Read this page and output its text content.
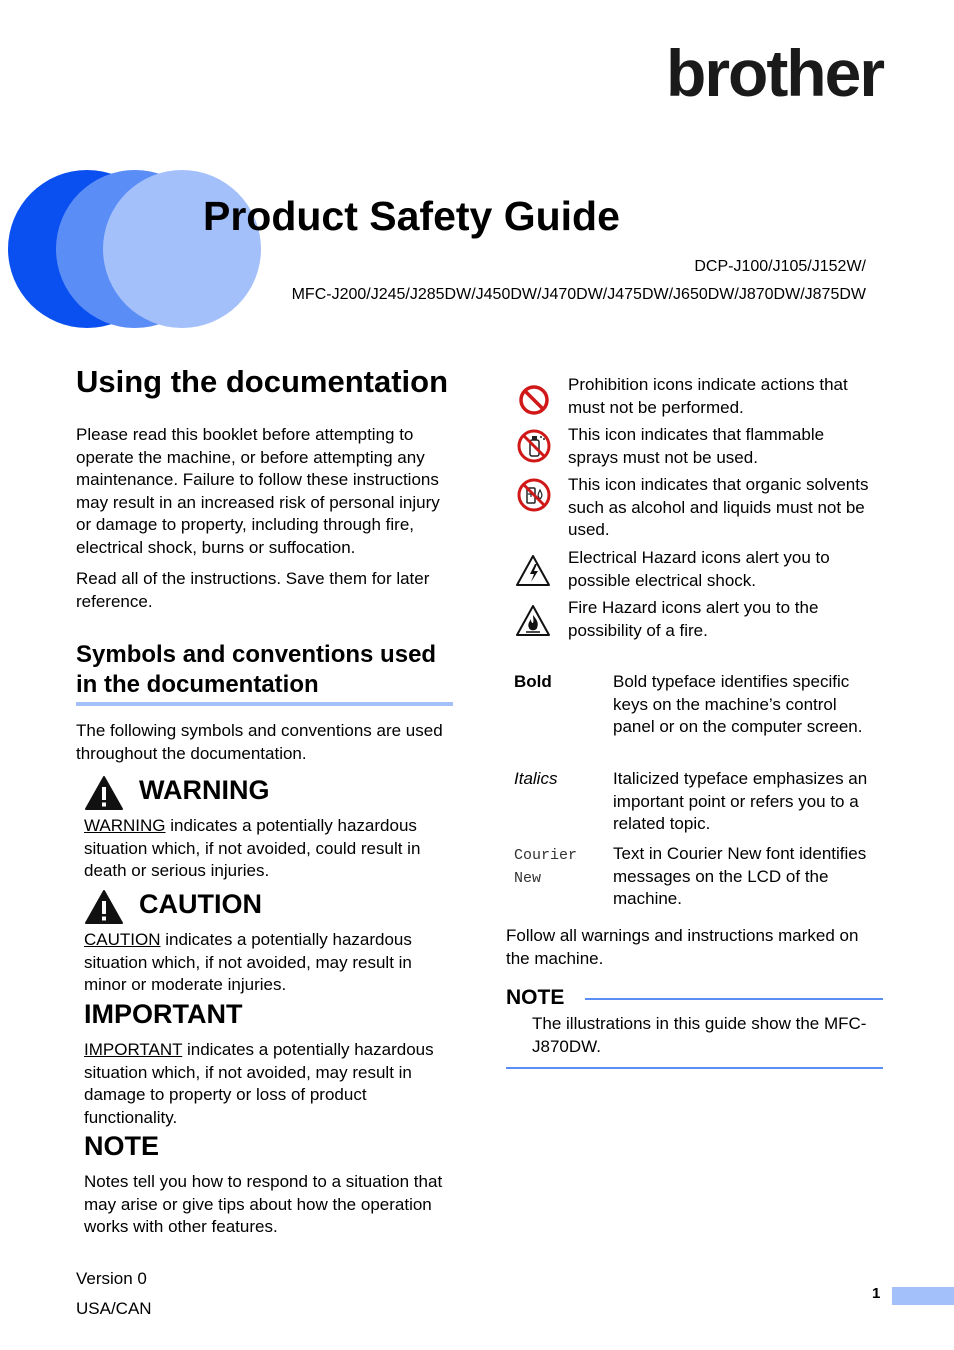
brother
Product Safety Guide
DCP-J100/J105/J152W/
MFC-J200/J245/J285DW/J450DW/J470DW/J475DW/J650DW/J870DW/J875DW
Using the documentation
Please read this booklet before attempting to operate the machine, or before attempting any maintenance. Failure to follow these instructions may result in an increased risk of personal injury or damage to property, including through fire, electrical shock, burns or suffocation.
Read all of the instructions. Save them for later reference.
Symbols and conventions used in the documentation
The following symbols and conventions are used throughout the documentation.
WARNING
WARNING indicates a potentially hazardous situation which, if not avoided, could result in death or serious injuries.
CAUTION
CAUTION indicates a potentially hazardous situation which, if not avoided, may result in minor or moderate injuries.
IMPORTANT
IMPORTANT indicates a potentially hazardous situation which, if not avoided, may result in damage to property or loss of product functionality.
NOTE
Notes tell you how to respond to a situation that may arise or give tips about how the operation works with other features.
Prohibition icons indicate actions that must not be performed.
This icon indicates that flammable sprays must not be used.
This icon indicates that organic solvents such as alcohol and liquids must not be used.
Electrical Hazard icons alert you to possible electrical shock.
Fire Hazard icons alert you to the possibility of a fire.
Bold	Bold typeface identifies specific keys on the machine’s control panel or on the computer screen.
Italics	Italicized typeface emphasizes an important point or refers you to a related topic.
Courier
New
Text in Courier New font identifies messages on the LCD of the machine.
Follow all warnings and instructions marked on the machine.
NOTE
The illustrations in this guide show the MFC-J870DW.
Version 0
USA/CAN
1
